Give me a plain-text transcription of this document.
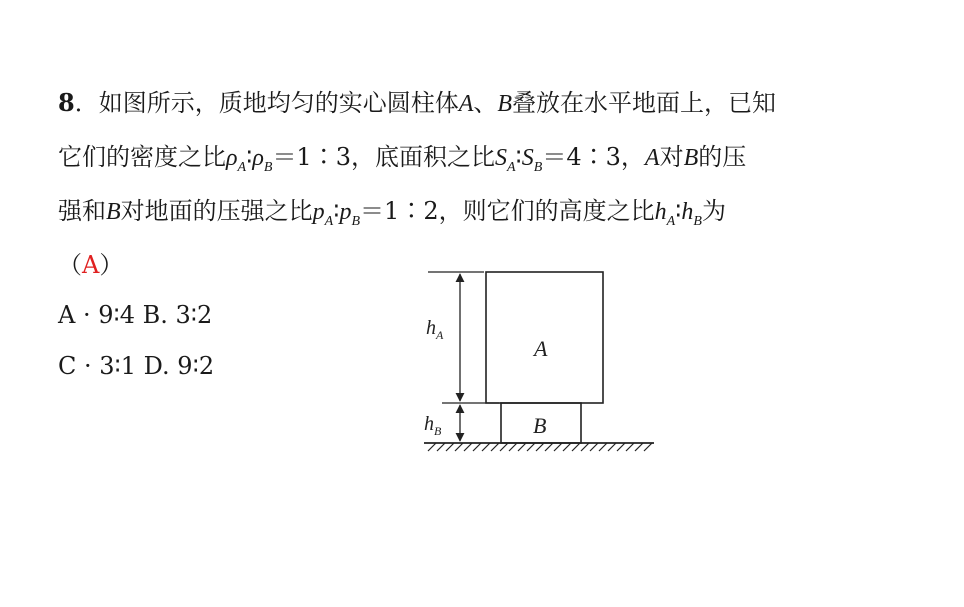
8．如图所示，质地均匀的实心圆柱体A、B叠放在水平地面上，已知
它们的密度之比$\rho_A∶\rho_B=1∶3$，底面积之比$S_A∶S_B=4∶3$，A对B的压
强和B对地面的压强之比$p_A∶p_B=1∶2$，则它们的高度之比$h_A∶h_B$为
（A）
A · 9∶4 B. 3∶2
C · 3∶1 D. 9∶2
$h_A$
$h_B$
A
B
